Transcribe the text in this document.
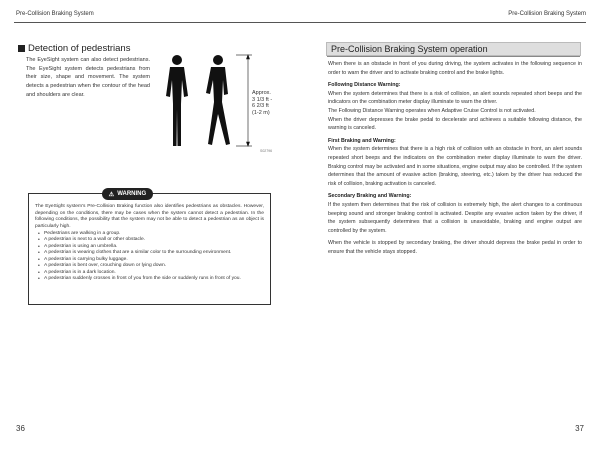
Pre-Collision Braking System
Detection of pedestrians
The EyeSight system can also detect pedestrians. The EyeSight system detects pedestrians from their size, shape and movement. The system detects a pedestrian when the contour of the head and shoulders are clear.	Approx.
3 1/3 ft -
6 2/3 ft
(1-2 m)
S02796
⚠ WARNING
The EyeSight system's Pre-Collision Braking function also identifies pedestrians as obstacles. However, depending on the conditions, there may be cases when the system cannot detect a pedestrian. In the following conditions, the possibility that the system may not be able to detect a pedestrian as an object is particularly high.
• Pedestrians are walking in a group.
• A pedestrian is next to a wall or other obstacle.
• A pedestrian is using an umbrella.
• A pedestrian is wearing clothes that are a similar color to the surrounding environment.
• A pedestrian is carrying bulky luggage.
• A pedestrian is bent over, crouching down or lying down.
• A pedestrian is in a dark location.
• A pedestrian suddenly crosses in front of you from the side or suddenly runs in front of you.
36
Pre-Collision Braking System
Pre-Collision Braking System operation

When there is an obstacle in front of you during driving, the system activates in the following sequence in order to warn the driver and to activate braking control and the brake lights.

Following Distance Warning:

When the system determines that there is a risk of collision, an alert sounds repeated short beeps and the indicators on the combination meter display illuminate to warn the driver.

The Following Distance Warning operates when Adaptive Cruise Control is not activated.

When the driver depresses the brake pedal to decelerate and achieves a suitable following distance, the warning is canceled.

First Braking and Warning:

When the system determines that there is a high risk of collision with an obstacle in front, an alert sounds repeated short beeps and the indicators on the combination meter display illuminate to warn the driver. Braking control may be activated and in some situations, engine output may also be controlled. If the system determines that the amount of evasive action (braking, steering, etc.) taken by the driver has reduced the risk of collision, braking activation is canceled.

Secondary Braking and Warning:

If the system then determines that the risk of collision is extremely high, the alert changes to a continuous beeping sound and stronger braking control is activated. Despite any evasive action taken by the driver, if the system subsequently determines that a collision is unavoidable, braking and engine output are controlled by the system.

When the vehicle is stopped by secondary braking, the driver should depress the brake pedal in order to ensure that the vehicle stays stopped.

37
